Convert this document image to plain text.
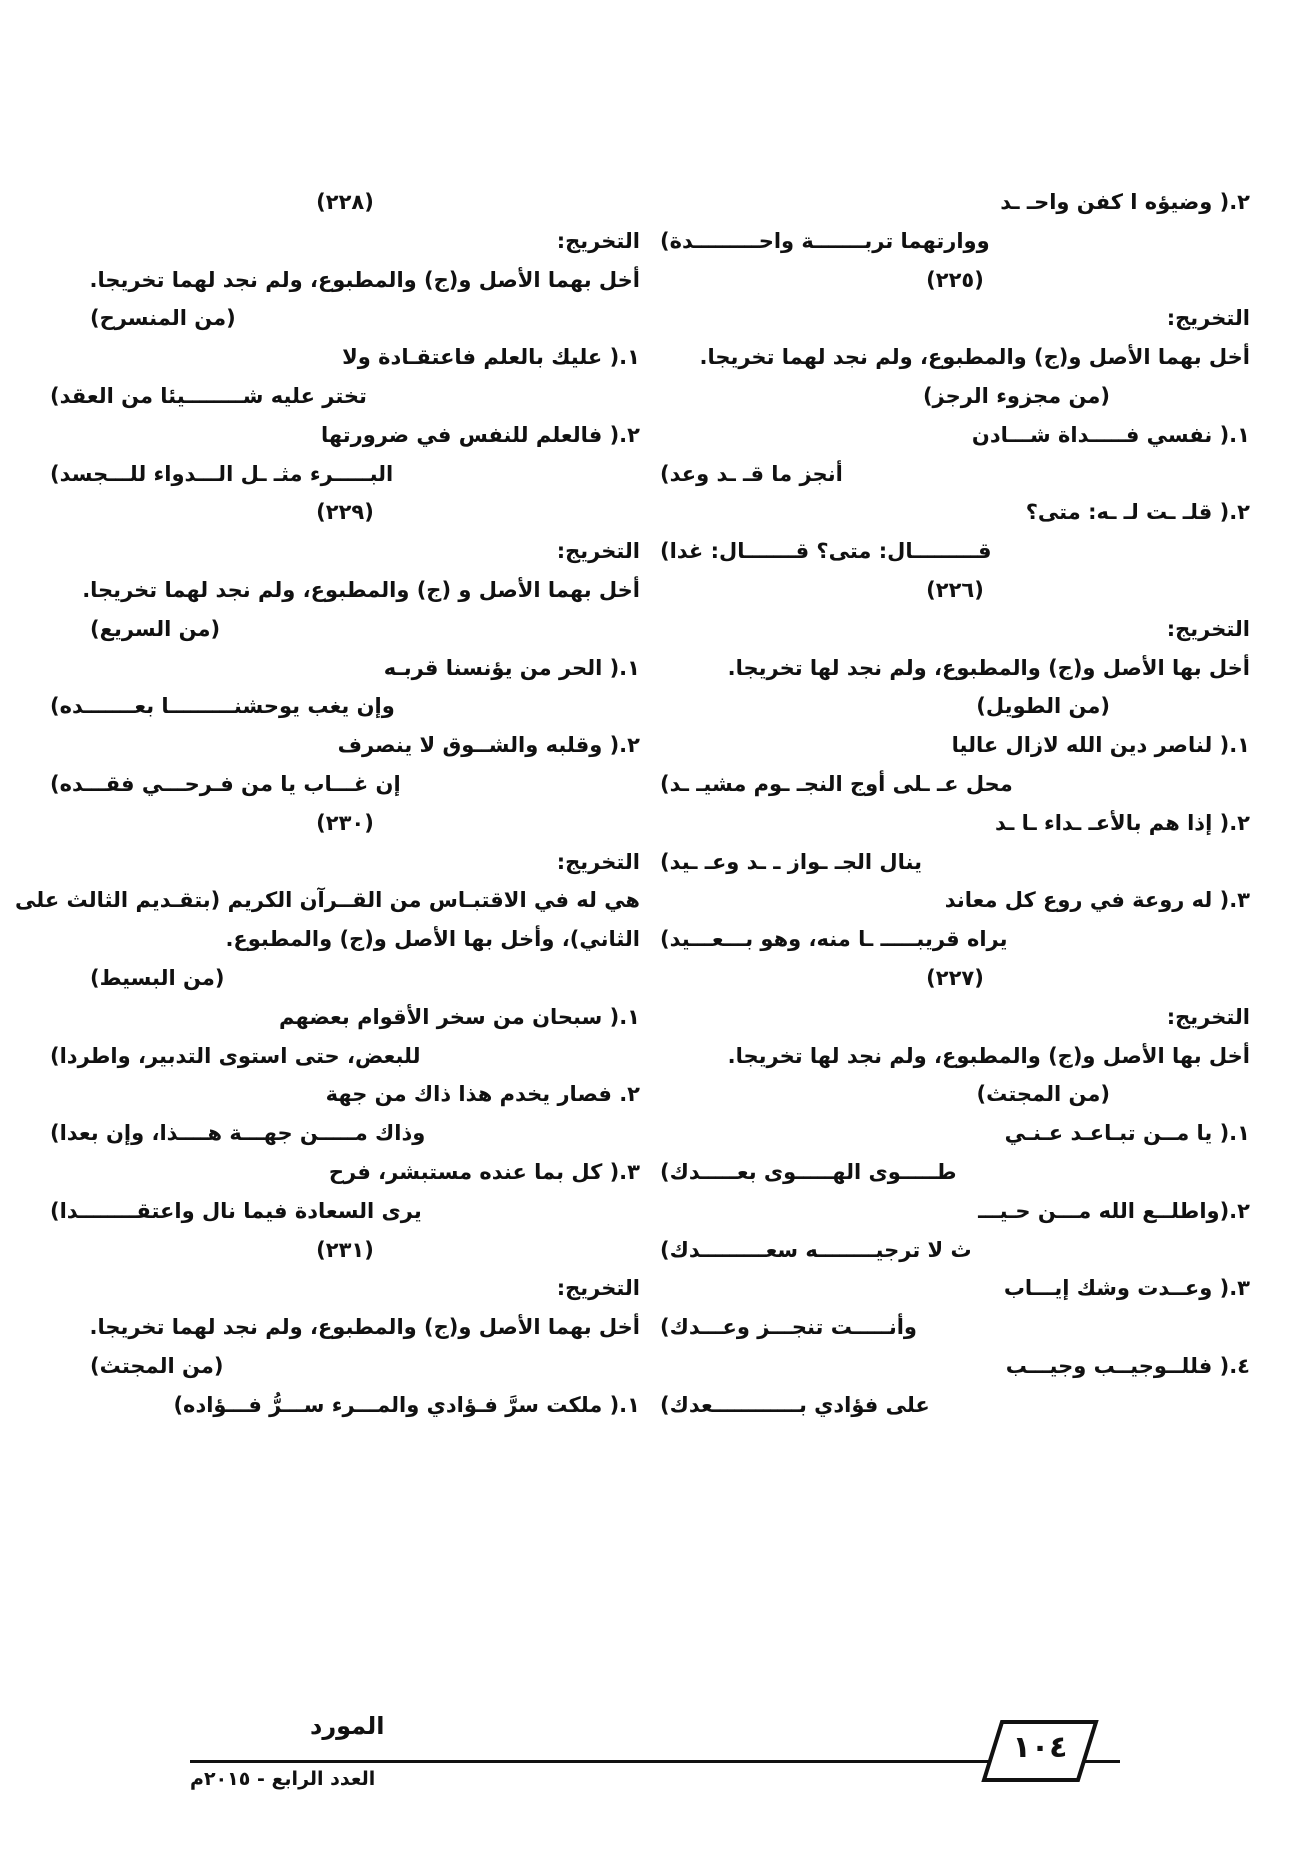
٢.( وضيؤه ا كفن واحـ ـد
ووارتهما تربـــــــة واحـــــــــدة)
(٢٢٥)
التخريج:
أخل بهما الأصل و(ج) والمطبوع، ولم نجد لهما تخريجا.
(من مجزوء الرجز)
١.( نفسي فـــــداة شـــادن
أنجز ما قـ ـد وعد)
٢.( قلـ ـت لـ ـه: متى؟
قـــــــــال: متى؟ قـــــــال: غدا)
(٢٢٦)
التخريج:
أخل بها الأصل و(ج) والمطبوع، ولم نجد لها تخريجا.
(من الطويل)
١.( لناصر دين الله لازال عاليا
محل عـ ـلى أوج النجـ ـوم مشيـ ـد)
٢.( إذا هم بالأعـ ـداء ـا ـد
ينال الجـ ـواز ـ ـد وعـ ـيد)
٣.( له روعة في روع كل معاند
يراه قريبـــــ ـا منه، وهو بـــعـــيد)
(٢٢٧)
التخريج:
أخل بها الأصل و(ج) والمطبوع، ولم نجد لها تخريجا.
(من المجتث)
١.( يا مــن تبـاعـد عـنـي
طـــــوى الهـــــوى بعـــــدك)
٢.(واطلــع الله مـــن حـيـــ
ث لا ترجيــــــــه سعـــــــــدك)
٣.( وعــدت وشك إيـــاب
وأنـــــت تنجـــز وعـــدك)
٤.( فللــوجيــب وجيـــب
على فؤادي بــــــــــــعدك)
(٢٢٨)
التخريج:
أخل بهما الأصل و(ج) والمطبوع، ولم نجد لهما تخريجا.
(من المنسرح)
١.( عليك بالعلم فاعتقـادة ولا
تختر عليه شــــــــيئا من العقد)
٢.( فالعلم للنفس في ضرورتها
البـــــرء مثـ ـل الـــدواء للـــجسد)
(٢٢٩)
التخريج:
أخل بهما الأصل و (ج) والمطبوع، ولم نجد لهما تخريجا.
(من السريع)
١.( الحر من يؤنسنا قربـه
وإن يغب يوحشنـــــــــا بعـــــــده)
٢.( وقلبه والشــوق لا ينصرف
إن غـــاب يا من فـرحـــي فقـــده)
(٢٣٠)
التخريج:
هي له في الاقتبـاس من القــرآن الكريم (بتقـديم الثالث على
الثاني)، وأخل بها الأصل و(ج) والمطبوع.
(من البسيط)
١.( سبحان من سخر الأقوام بعضهم
للبعض، حتى استوى التدبير، واطردا)
٢. فصار يخدم هذا ذاك من جهة
وذاك مـــــن جهـــة هــــذا، وإن بعدا)
٣.( كل بما عنده مستبشر، فرح
يرى السعادة فيما نال واعتقــــــــدا)
(٢٣١)
التخريج:
أخل بهما الأصل و(ج) والمطبوع، ولم نجد لهما تخريجا.
(من المجتث)
١.( ملكت سرَّ فـؤادي والمـــرء ســـرُّ فـــؤاده)
المورد
العدد الرابع - ٢٠١٥م
١٠٤
